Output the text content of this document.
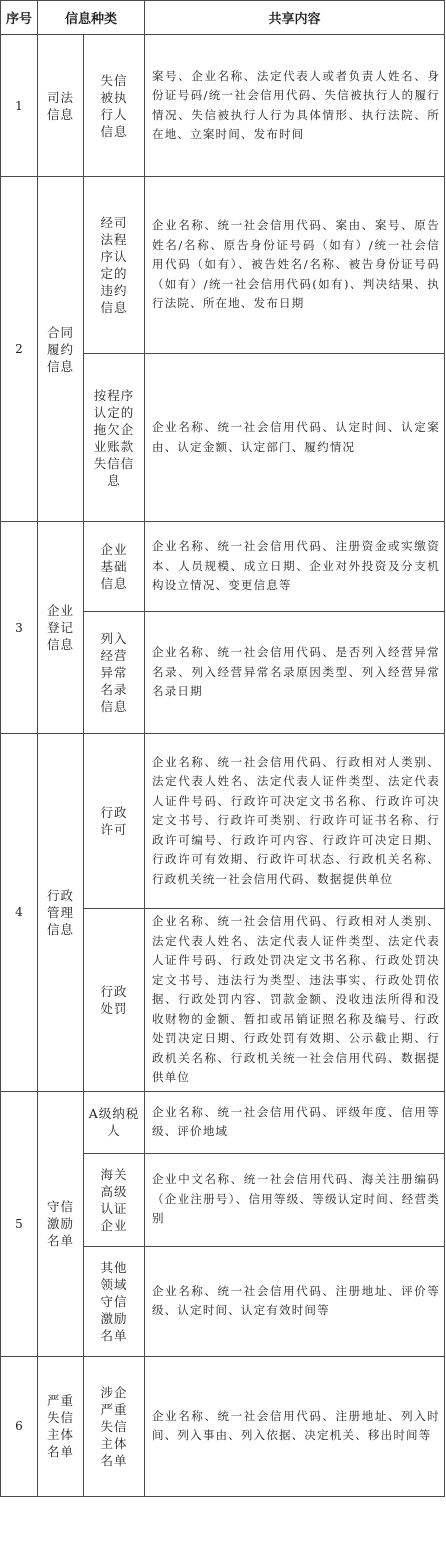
序号	信息种类		共享内容
1	司法信息	失信被执行人信息	案号、企业名称、法定代表人或者负责人姓名、身份证号码/统一社会信用代码、失信被执行人的履行情况、失信被执行人行为具体情形、执行法院、所在地、立案时间、发布时间
2	合同履约信息	经司法程序认定的违约信息	企业名称、统一社会信用代码、案由、案号、原告姓名/名称、原告身份证号码（如有）/统一社会信用代码（如有）、被告姓名/名称、被告身份证号码（如有）/统一社会信用代码(如有)、判决结果、执行法院、所在地、发布日期
		按程序认定的拖欠企业账款失信信息	企业名称、统一社会信用代码、认定时间、认定案由、认定金额、认定部门、履约情况
3	企业登记信息	企业基础信息	企业名称、统一社会信用代码、注册资金或实缴资本、人员规模、成立日期、企业对外投资及分支机构设立情况、变更信息等
		列入经营异常名录信息	企业名称、统一社会信用代码、是否列入经营异常名录、列入经营异常名录原因类型、列入经营异常名录日期
4	行政管理信息	行政许可	企业名称、统一社会信用代码、行政相对人类别、法定代表人姓名、法定代表人证件类型、法定代表人证件号码、行政许可决定文书名称、行政许可决定文书号、行政许可类别、行政许可证书名称、行政许可编号、行政许可内容、行政许可决定日期、行政许可有效期、行政许可状态、行政机关名称、行政机关统一社会信用代码、数据提供单位
		行政处罚	企业名称、统一社会信用代码、行政相对人类别、法定代表人姓名、法定代表人证件类型、法定代表人证件号码、行政处罚决定文书名称、行政处罚决定文书号、违法行为类型、违法事实、行政处罚依据、行政处罚内容、罚款金额、没收违法所得和没收财物的金额、暂扣或吊销证照名称及编号、行政处罚决定日期、行政处罚有效期、公示截止期、行政机关名称、行政机关统一社会信用代码、数据提供单位
5	守信激励名单	A级纳税人	企业名称、统一社会信用代码、评级年度、信用等级、评价地域
		海关高级认证企业	企业中文名称、统一社会信用代码、海关注册编码（企业注册号）、信用等级、等级认定时间、经营类别
		其他领域守信激励名单	企业名称、统一社会信用代码、注册地址、评价等级、认定时间、认定有效时间等
6	严重失信主体名单	涉企严重失信主体名单	企业名称、统一社会信用代码、注册地址、列入时间、列入事由、列入依据、决定机关、移出时间等
